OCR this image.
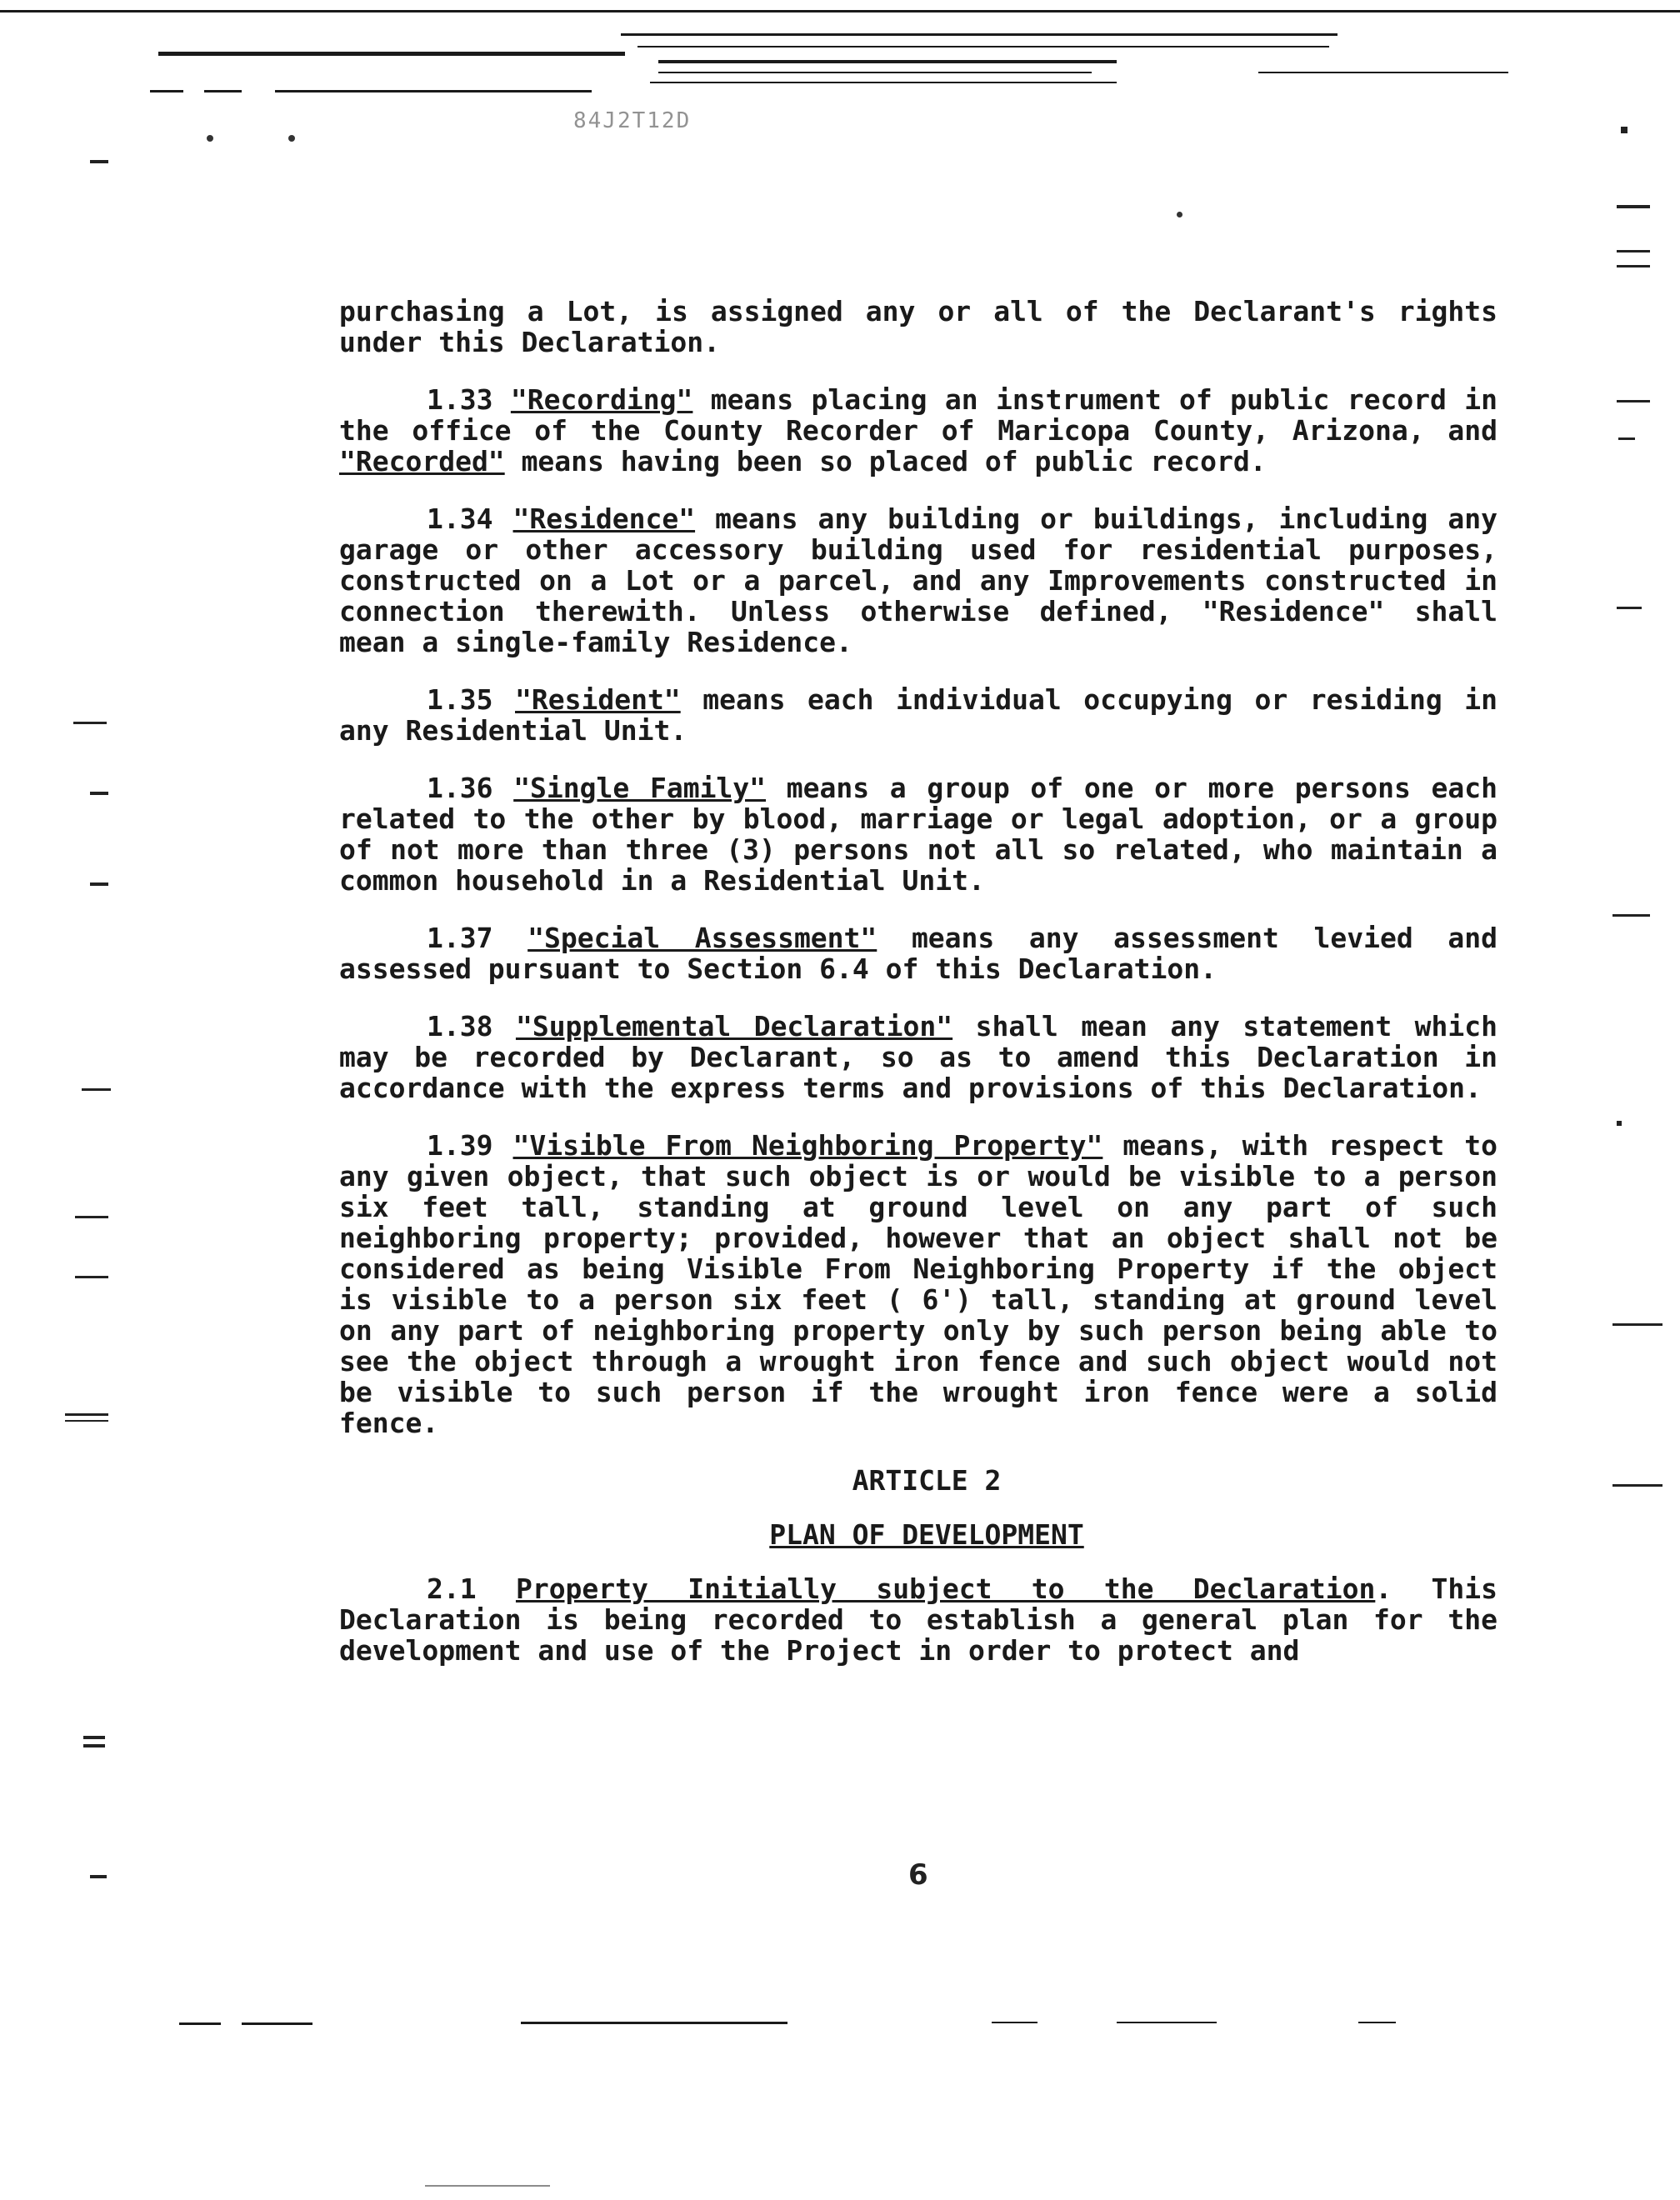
84J2T12D

purchasing a Lot, is assigned any or all of the Declarant's rights under this Declaration.

1.33 "Recording" means placing an instrument of public record in the office of the County Recorder of Maricopa County, Arizona, and "Recorded" means having been so placed of public record.

1.34 "Residence" means any building or buildings, including any garage or other accessory building used for residential purposes, constructed on a Lot or a parcel, and any Improvements constructed in connection therewith. Unless otherwise defined, "Residence" shall mean a single-family Residence.

1.35 "Resident" means each individual occupying or residing in any Residential Unit.

1.36 "Single Family" means a group of one or more persons each related to the other by blood, marriage or legal adoption, or a group of not more than three (3) persons not all so related, who maintain a common household in a Residential Unit.

1.37 "Special Assessment" means any assessment levied and assessed pursuant to Section 6.4 of this Declaration.

1.38 "Supplemental Declaration" shall mean any statement which may be recorded by Declarant, so as to amend this Declaration in accordance with the express terms and provisions of this Declaration.

1.39 "Visible From Neighboring Property" means, with respect to any given object, that such object is or would be visible to a person six feet tall, standing at ground level on any part of such neighboring property; provided, however that an object shall not be considered as being Visible From Neighboring Property if the object is visible to a person six feet ( 6') tall, standing at ground level on any part of neighboring property only by such person being able to see the object through a wrought iron fence and such object would not be visible to such person if the wrought iron fence were a solid fence.

ARTICLE 2

PLAN OF DEVELOPMENT

2.1 Property Initially subject to the Declaration. This Declaration is being recorded to establish a general plan for the development and use of the Project in order to protect and

6
